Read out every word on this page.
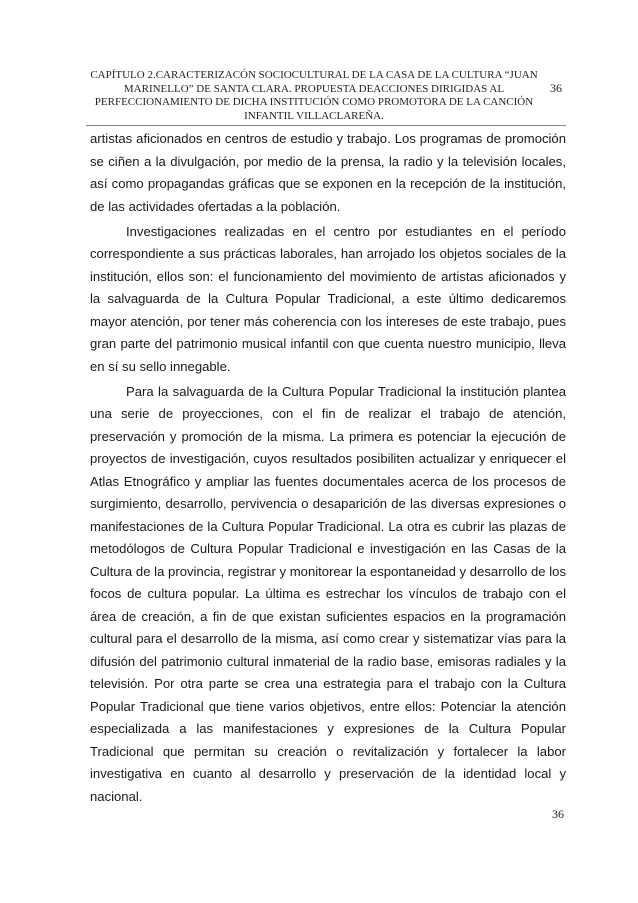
CAPÍTULO 2.CARACTERIZACÓN SOCIOCULTURAL DE LA CASA DE LA CULTURA “JUAN MARINELLO” DE SANTA CLARA. PROPUESTA DEACCIONES DIRIGIDAS AL PERFECCIONAMIENTO DE DICHA INSTITUCIÓN COMO PROMOTORA DE LA CANCIÓN INFANTIL VILLACLAREÑA.
36

artistas aficionados en centros de estudio y trabajo. Los programas de promoción se ciñen a la divulgación, por medio de la prensa, la radio y la televisión locales, así como propagandas gráficas que se exponen en la recepción de la institución, de las actividades ofertadas a la población.

Investigaciones realizadas en el centro por estudiantes en el período correspondiente a sus prácticas laborales, han arrojado los objetos sociales de la institución, ellos son: el funcionamiento del movimiento de artistas aficionados y la salvaguarda de la Cultura Popular Tradicional, a este último dedicaremos mayor atención, por tener más coherencia con los intereses de este trabajo, pues gran parte del patrimonio musical infantil con que cuenta nuestro municipio, lleva en sí su sello innegable.

Para la salvaguarda de la Cultura Popular Tradicional la institución plantea una serie de proyecciones, con el fin de realizar el trabajo de atención, preservación y promoción de la misma. La primera es potenciar la ejecución de proyectos de investigación, cuyos resultados posibiliten actualizar y enriquecer el Atlas Etnográfico y ampliar las fuentes documentales acerca de los procesos de surgimiento, desarrollo, pervivencia o desaparición de las diversas expresiones o manifestaciones de la Cultura Popular Tradicional. La otra es cubrir las plazas de metodólogos de Cultura Popular Tradicional e investigación en las Casas de la Cultura de la provincia, registrar y monitorear la espontaneidad y desarrollo de los focos de cultura popular. La última es estrechar los vínculos de trabajo con el área de creación, a fin de que existan suficientes espacios en la programación cultural para el desarrollo de la misma, así como crear y sistematizar vías para la difusión del patrimonio cultural inmaterial de la radio base, emisoras radiales y la televisión. Por otra parte se crea una estrategia para el trabajo con la Cultura Popular Tradicional que tiene varios objetivos, entre ellos: Potenciar la atención especializada a las manifestaciones y expresiones de la Cultura Popular Tradicional que permitan su creación o revitalización y fortalecer la labor investigativa en cuanto al desarrollo y preservación de la identidad local y nacional.

36
